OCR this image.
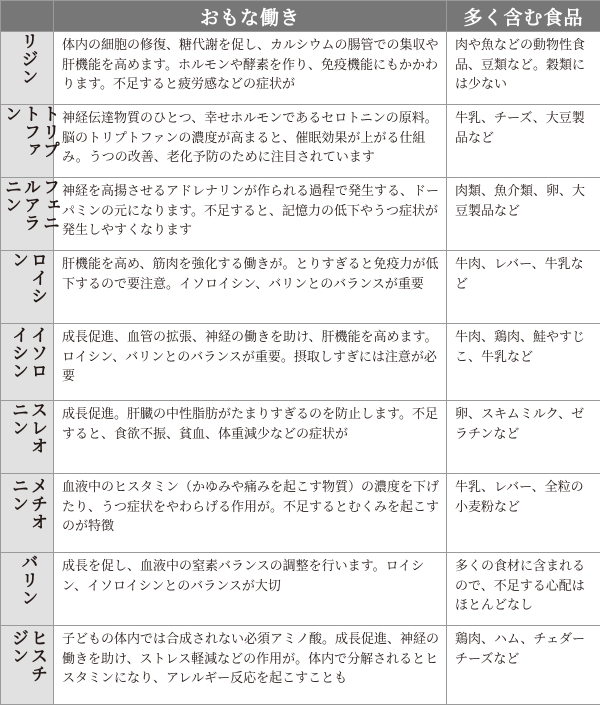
	おもな働き	多く含む食品
リジン	体内の細胞の修復、糖代謝を促し、カルシウムの腸管での集収や肝機能を高めます。ホルモンや酵素を作り、免疫機能にもかかわります。不足すると疲労感などの症状が	肉や魚などの動物性食品、豆類など。穀類には少ない
トリプトファン	神経伝達物質のひとつ、幸せホルモンであるセロトニンの原料。脳のトリプトファンの濃度が高まると、催眠効果が上がる仕組み。うつの改善、老化予防のために注目されています	牛乳、チーズ、大豆製品など
フェニルアラニン	神経を高揚させるアドレナリンが作られる過程で発生する、ドーパミンの元になります。不足すると、記憶力の低下やうつ症状が発生しやすくなります	肉類、魚介類、卵、大豆製品など
ロイシン	肝機能を高め、筋肉を強化する働きが。とりすぎると免疫力が低下するので要注意。イソロイシン、バリンとのバランスが重要	牛肉、レバー、牛乳など
イソロイシン	成長促進、血管の拡張、神経の働きを助け、肝機能を高めます。ロイシン、バリンとのバランスが重要。摂取しすぎには注意が必要	牛肉、鶏肉、鮭やすじこ、牛乳など
スレオニン	成長促進。肝臓の中性脂肪がたまりすぎるのを防止します。不足すると、食欲不振、貧血、体重減少などの症状が	卵、スキムミルク、ゼラチンなど
メチオニン	血液中のヒスタミン（かゆみや痛みを起こす物質）の濃度を下げたり、うつ症状をやわらげる作用が。不足するとむくみを起こすのが特徴	牛乳、レバー、全粒の小麦粉など
バリン	成長を促し、血液中の窒素バランスの調整を行います。ロイシン、イソロイシンとのバランスが大切	多くの食材に含まれるので、不足する心配はほとんどなし
ヒスチジン	子どもの体内では合成されない必須アミノ酸。成長促進、神経の働きを助け、ストレス軽減などの作用が。体内で分解されるとヒスタミンになり、アレルギー反応を起こすことも	鶏肉、ハム、チェダーチーズなど
